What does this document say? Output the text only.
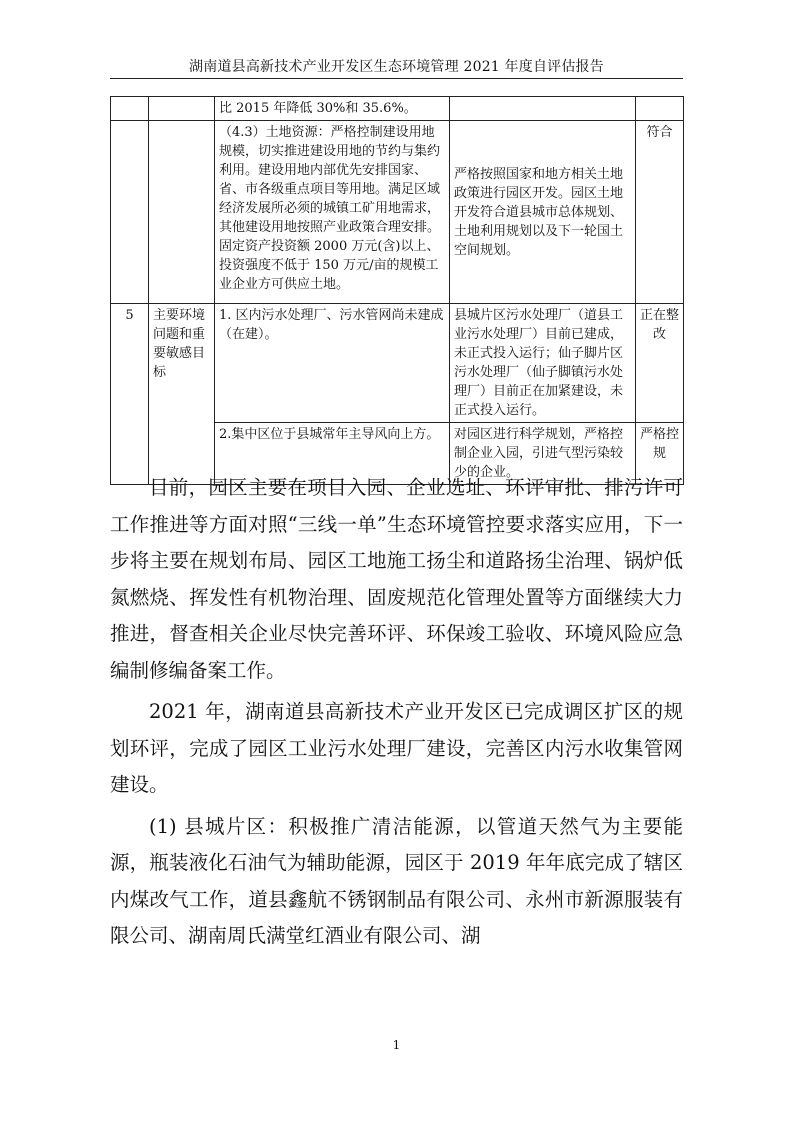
湖南道县高新技术产业开发区生态环境管理 2021 年度自评估报告
		比 2015 年降低 30%和 35.6%。		
		（4.3）土地资源：严格控制建设用地规模，切实推进建设用地的节约与集约利用。建设用地内部优先安排国家、省、市各级重点项目等用地。满足区域经济发展所必须的城镇工矿用地需求，其他建设用地按照产业政策合理安排。固定资产投资额 2000 万元(含)以上、投资强度不低于 150 万元/亩的规模工业企业方可供应土地。	严格按照国家和地方相关土地政策进行园区开发。园区土地开发符合道县城市总体规划、土地利用规划以及下一轮国土空间规划。	符合
5	主要环境问题和重要敏感目标	1. 区内污水处理厂、污水管网尚未建成（在建）。	县城片区污水处理厂（道县工业污水处理厂）目前已建成，未正式投入运行；仙子脚片区污水处理厂（仙子脚镇污水处理厂）目前正在加紧建设，未正式投入运行。	正在整改
		2.集中区位于县城常年主导风向上方。	对园区进行科学规划，严格控制企业入园，引进气型污染较少的企业。	严格控规

目前，园区主要在项目入园、企业选址、环评审批、排污许可工作推进等方面对照“三线一单”生态环境管控要求落实应用，下一步将主要在规划布局、园区工地施工扬尘和道路扬尘治理、锅炉低氮燃烧、挥发性有机物治理、固废规范化管理处置等方面继续大力推进，督查相关企业尽快完善环评、环保竣工验收、环境风险应急编制修编备案工作。

2021 年，湖南道县高新技术产业开发区已完成调区扩区的规划环评，完成了园区工业污水处理厂建设，完善区内污水收集管网建设。

(1) 县城片区：积极推广清洁能源，以管道天然气为主要能源，瓶装液化石油气为辅助能源，园区于 2019 年年底完成了辖区内煤改气工作，道县鑫航不锈钢制品有限公司、永州市新源服装有限公司、湖南周氏满堂红酒业有限公司、湖

1
